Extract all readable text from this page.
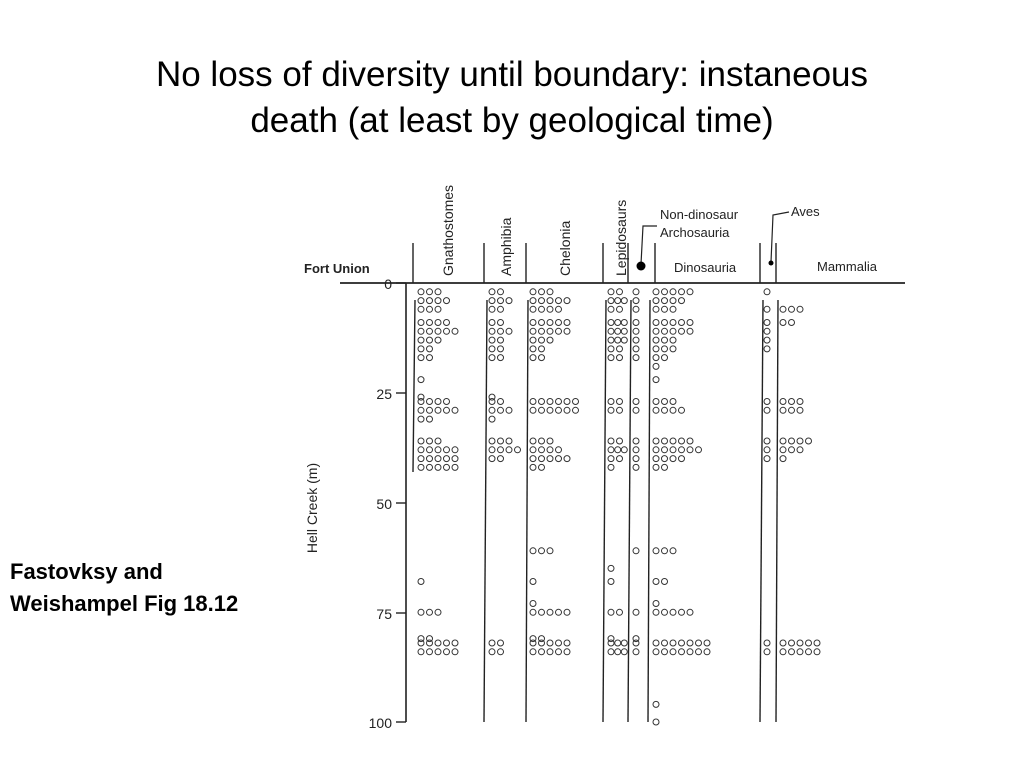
No loss of diversity until boundary: instaneous
death (at least by geological time)
0
25
50
75
100
Hell Creek (m)
Fort Union	Gnathostomes	Amphibia	Chelonia	Lepidosaurs Non-dinosaur
Archosauria
Dinosauria
Aves
Mammalia
Fastovksy and
Weishampel Fig 18.12
